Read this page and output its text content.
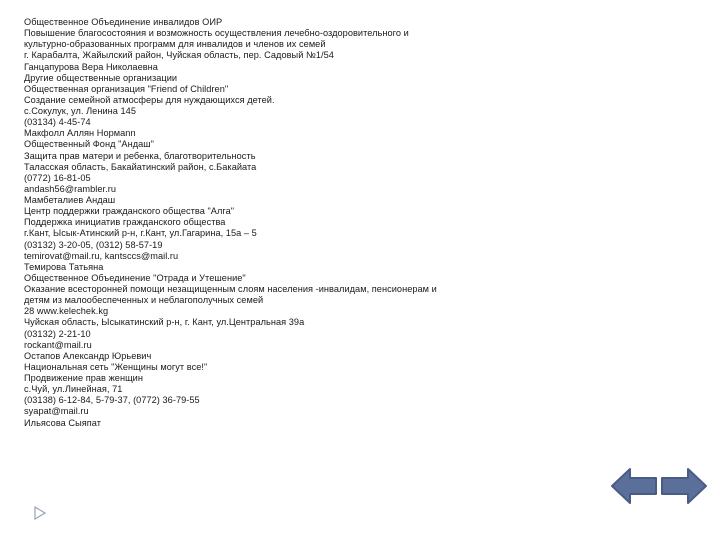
Общественное Объединение инвалидов ОИР
Повышение благосостояния и возможность осуществления лечебно-оздоровительного и
культурно-образованных программ для инвалидов и членов их семей
г. Карабалта, Жайылский район, Чуйская область, пер. Садовый №1/54
Ганцапурова Вера Николаевна
Другие общественные организации
Общественная организация "Friend of Children"
Создание семейной атмосферы для нуждающихся детей.
с.Сокулук, ул. Ленина 145
(03134) 4-45-74
Макфолл Аллян Нормann
Общественный Фонд "Андаш"
Защита прав матери и ребенка, благотворительность
Таласская область, Бакайатинский район, с.Бакайата
(0772) 16-81-05
andash56@rambler.ru
Мамбеталиев Андаш
Центр поддержки гражданского общества "Алга"
Поддержка инициатив гражданского общества
г.Кант, Ысык-Атинский р-н, г.Кант, ул.Гагарина, 15а – 5
(03132) 3-20-05, (0312) 58-57-19
temirovat@mail.ru, kantsccs@mail.ru
Темирова Татьяна
Общественное Объединение "Отрада и Утешение"
Оказание всесторонней помощи незащищенным слоям населения -инвалидам, пенсионерам и
детям из малообеспеченных и неблагополучных семей
28 www.kelechek.kg
Чуйская область, Ысыкатинский р-н, г. Кант, ул.Центральная 39а
(03132) 2-21-10
rockant@mail.ru
Остапов Александр Юрьевич
Национальная сеть "Женщины могут все!"
Продвижение прав женщин
с.Чуй, ул.Линейная, 71
(03138) 6-12-84, 5-79-37, (0772) 36-79-55
syapat@mail.ru
Ильясова Сыяпат
